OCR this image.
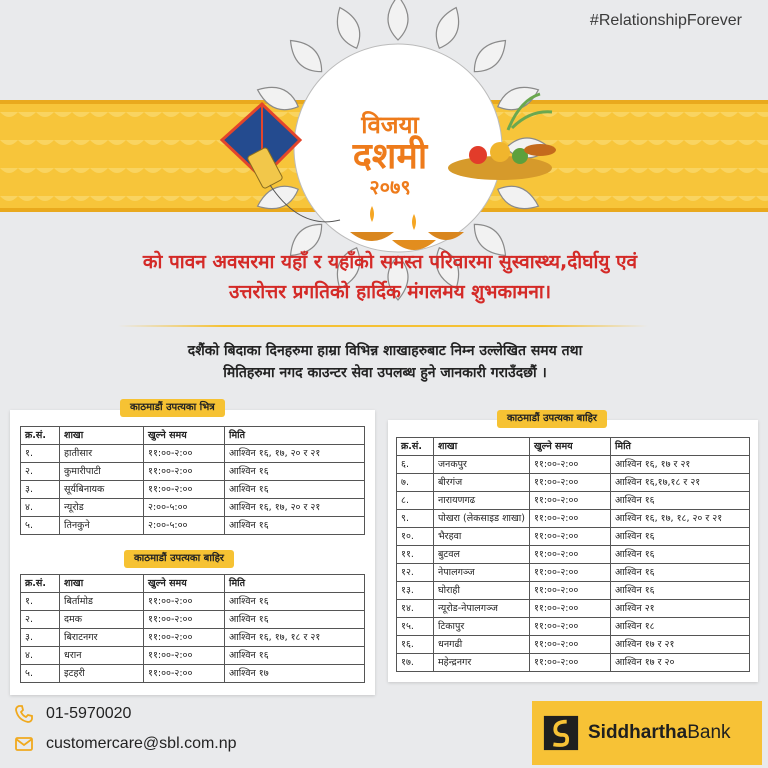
#RelationshipForever
विजया
दशमी
२०७९
को पावन अवसरमा यहाँ र यहाँको समस्त परिवारमा सुस्वास्थ्य,दीर्घायु एवं
उत्तरोत्तर प्रगतिको हार्दिक मंगलमय शुभकामना।
दशैंको बिदाका दिनहरुमा हाम्रा विभिन्न शाखाहरुबाट निम्न उल्लेखित समय तथा
मितिहरुमा नगद काउन्टर सेवा उपलब्ध हुने जानकारी गराउँदछौं ।
काठमाडौं उपत्यका भित्र
क्र.सं.	शाखा	खुल्ने समय	मिति
१.	हातीसार	११:००-२:००	आश्विन १६, १७, २० र २१
२.	कुमारीपाटी	११:००-२:००	आश्विन १६
३.	सूर्यबिनायक	११:००-२:००	आश्विन १६
४.	न्यूरोड	२:००-५:००	आश्विन १६, १७, २० र २१
५.	तिनकुने	२:००-५:००	आश्विन १६
काठमाडौं उपत्यका बाहिर
क्र.सं.	शाखा	खुल्ने समय	मिति
१.	बिर्तामोड	११:००-२:००	आश्विन १६
२.	दमक	११:००-२:००	आश्विन १६
३.	बिराटनगर	११:००-२:००	आश्विन १६, १७, १८ र २१
४.	धरान	११:००-२:००	आश्विन १६
५.	इटहरी	११:००-२:००	आश्विन १७
काठमाडौं उपत्यका बाहिर
क्र.सं.	शाखा	खुल्ने समय	मिति
६.	जनकपुर	११:००-२:००	आश्विन १६, १७ र २१
७.	बीरगंज	११:००-२:००	आश्विन १६,१७,१८ र २१
८.	नारायणगढ	११:००-२:००	आश्विन १६
९.	पोखरा (लेकसाइड शाखा)	११:००-२:००	आश्विन १६, १७, १८, २० र २१
१०.	भैरहवा	११:००-२:००	आश्विन १६
११.	बुटवल	११:००-२:००	आश्विन १६
१२.	नेपालगञ्ज	११:००-२:००	आश्विन १६
१३.	घोराही	११:००-२:००	आश्विन १६
१४.	न्यूरोड-नेपालगञ्ज	११:००-२:००	आश्विन २१
१५.	टिकापुर	११:००-२:००	आश्विन १८
१६.	धनगढी	११:००-२:००	आश्विन १७ र २१
१७.	महेन्द्रनगर	११:००-२:००	आश्विन १७ र २०
01-5970020
customercare@sbl.com.np
SiddharthaBank
